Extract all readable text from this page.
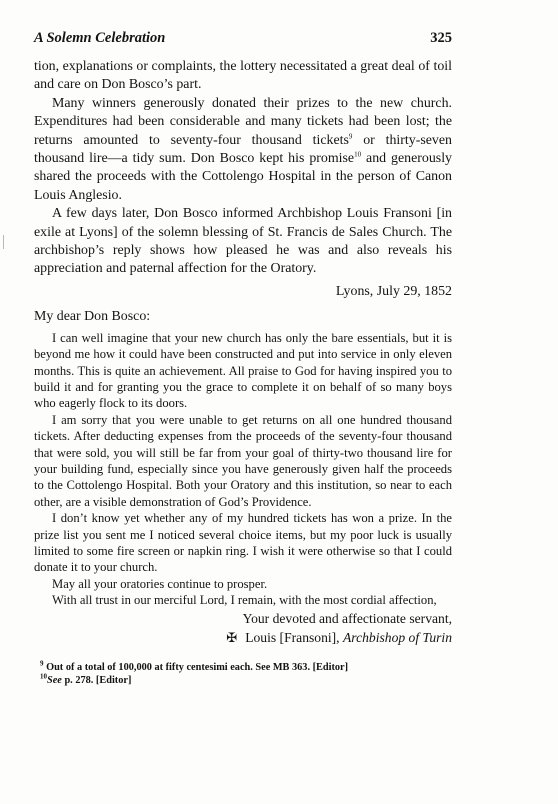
A Solemn Celebration	325

tion, explanations or complaints, the lottery necessitated a great deal of toil and care on Don Bosco’s part.

Many winners generously donated their prizes to the new church. Expenditures had been considerable and many tickets had been lost; the returns amounted to seventy-four thousand tickets$^9$ or thirty-seven thousand lire—a tidy sum. Don Bosco kept his promise$^{10}$ and generously shared the proceeds with the Cottolengo Hospital in the person of Canon Louis Anglesio.

A few days later, Don Bosco informed Archbishop Louis Fransoni [in exile at Lyons] of the solemn blessing of St. Francis de Sales Church. The archbishop’s reply shows how pleased he was and also reveals his appreciation and paternal affection for the Oratory.

Lyons, July 29, 1852

My dear Don Bosco:

I can well imagine that your new church has only the bare essentials, but it is beyond me how it could have been constructed and put into service in only eleven months. This is quite an achievement. All praise to God for having inspired you to build it and for granting you the grace to complete it on behalf of so many boys who eagerly flock to its doors.

I am sorry that you were unable to get returns on all one hundred thousand tickets. After deducting expenses from the proceeds of the seventy-four thousand that were sold, you will still be far from your goal of thirty-two thousand lire for your building fund, especially since you have generously given half the proceeds to the Cottolengo Hospital. Both your Oratory and this institution, so near to each other, are a visible demonstration of God’s Providence.

I don’t know yet whether any of my hundred tickets has won a prize. In the prize list you sent me I noticed several choice items, but my poor luck is usually limited to some fire screen or napkin ring. I wish it were otherwise so that I could donate it to your church.

May all your oratories continue to prosper.

With all trust in our merciful Lord, I remain, with the most cordial affection,

Your devoted and affectionate servant,
✠ Louis [Fransoni], Archbishop of Turin

$^9$ Out of a total of 100,000 at fifty centesimi each. See MB 363. [Editor]

$^{10}$See p. 278. [Editor]
